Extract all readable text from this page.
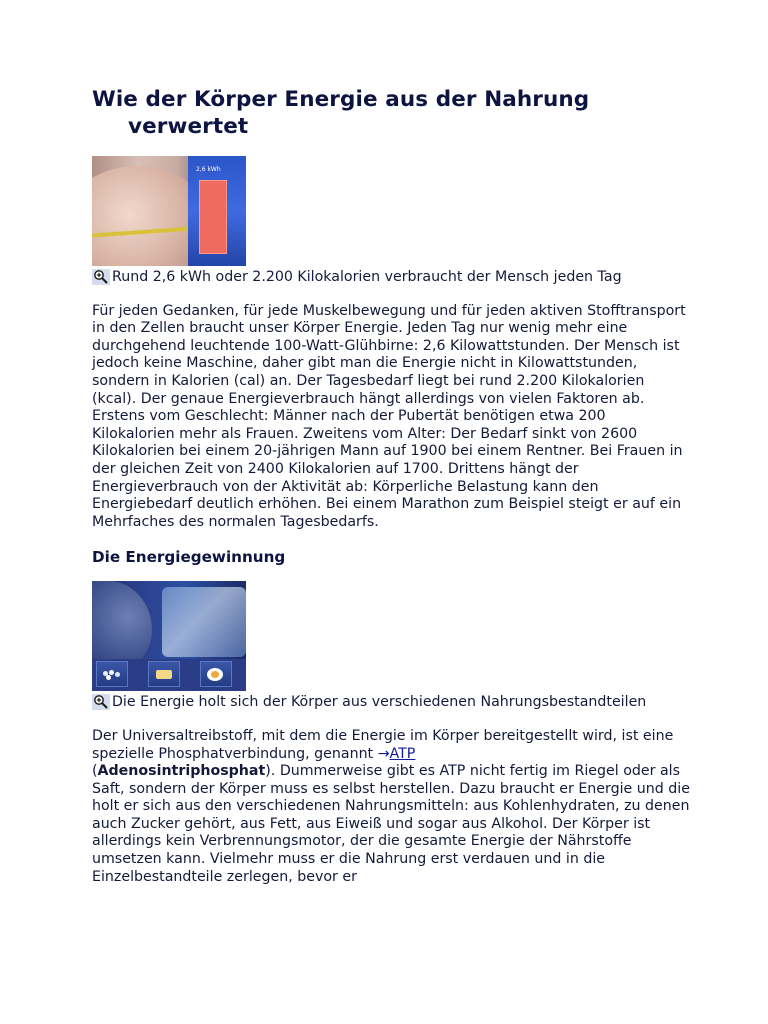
Wie der Körper Energie aus der Nahrung verwertet
2,6 kWh
Rund 2,6 kWh oder 2.200 Kilokalorien verbraucht der Mensch jeden Tag

Für jeden Gedanken, für jede Muskelbewegung und für jeden aktiven Stofftransport in den Zellen braucht unser Körper Energie. Jeden Tag nur wenig mehr eine durchgehend leuchtende 100-Watt-Glühbirne: 2,6 Kilowattstunden. Der Mensch ist jedoch keine Maschine, daher gibt man die Energie nicht in Kilowattstunden, sondern in Kalorien (cal) an. Der Tagesbedarf liegt bei rund 2.200 Kilokalorien (kcal). Der genaue Energieverbrauch hängt allerdings von vielen Faktoren ab. Erstens vom Geschlecht: Männer nach der Pubertät benötigen etwa 200 Kilokalorien mehr als Frauen. Zweitens vom Alter: Der Bedarf sinkt von 2600 Kilokalorien bei einem 20-jährigen Mann auf 1900 bei einem Rentner. Bei Frauen in der gleichen Zeit von 2400 Kilokalorien auf 1700. Drittens hängt der Energieverbrauch von der Aktivität ab: Körperliche Belastung kann den Energiebedarf deutlich erhöhen. Bei einem Marathon zum Beispiel steigt er auf ein Mehrfaches des normalen Tagesbedarfs.

Die Energiegewinnung
Die Energie holt sich der Körper aus verschiedenen Nahrungsbestandteilen

Der Universaltreibstoff, mit dem die Energie im Körper bereitgestellt wird, ist eine spezielle Phosphatverbindung, genannt →ATP
(Adenosintriphosphat). Dummerweise gibt es ATP nicht fertig im Riegel oder als Saft, sondern der Körper muss es selbst herstellen. Dazu braucht er Energie und die holt er sich aus den verschiedenen Nahrungsmitteln: aus Kohlenhydraten, zu denen auch Zucker gehört, aus Fett, aus Eiweiß und sogar aus Alkohol. Der Körper ist allerdings kein Verbrennungsmotor, der die gesamte Energie der Nährstoffe umsetzen kann. Vielmehr muss er die Nahrung erst verdauen und in die Einzelbestandteile zerlegen, bevor er
